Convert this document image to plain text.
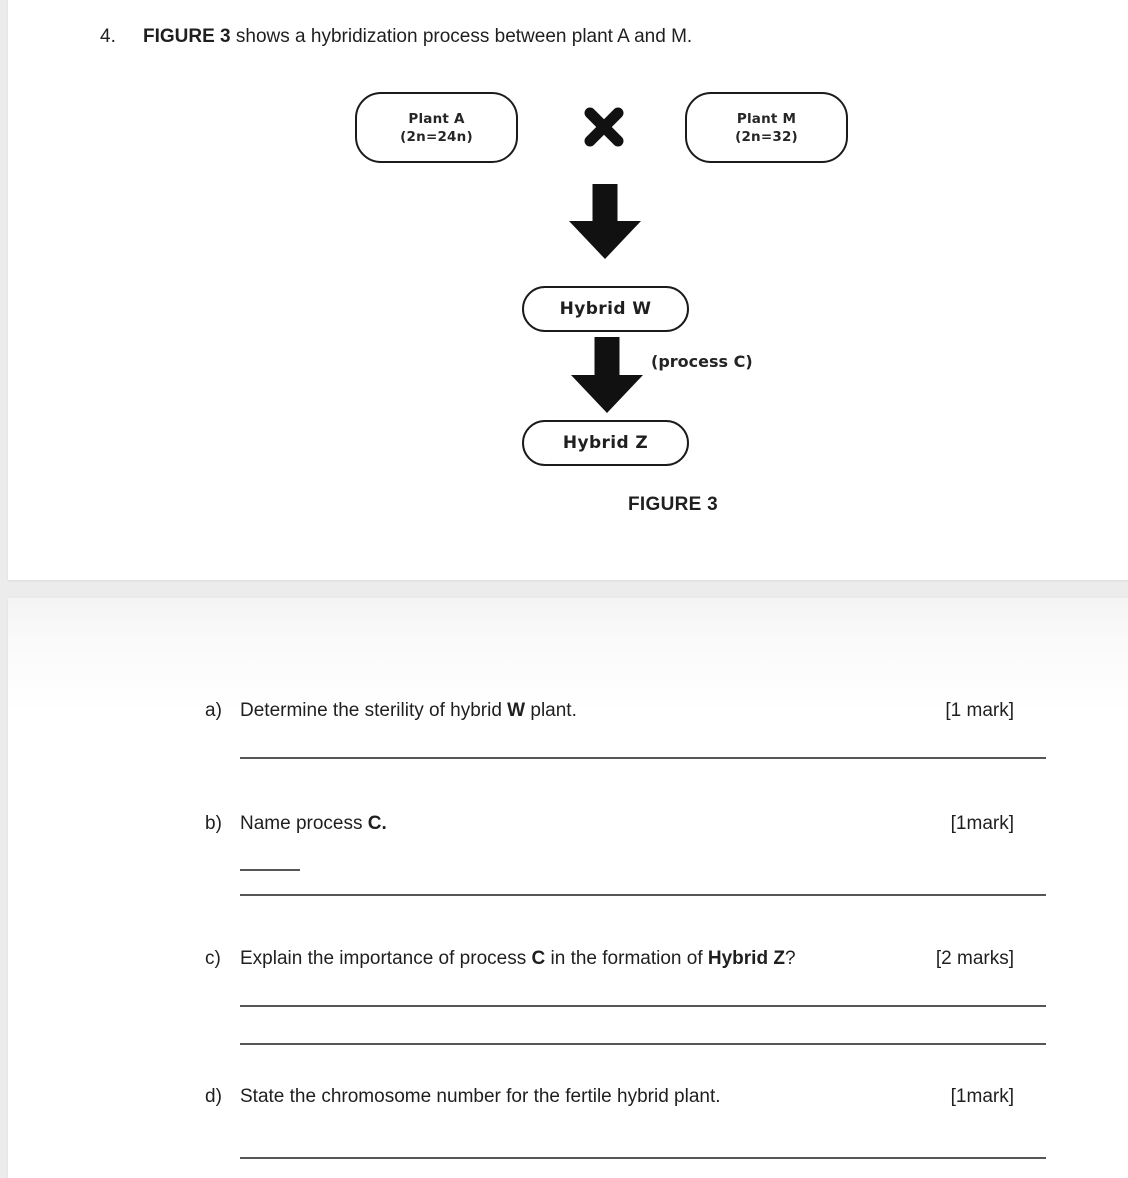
4. FIGURE 3 shows a hybridization process between plant A and M.
Plant A
(2n=24n)
Plant M
(2n=32)
Hybrid W
(process C)
Hybrid Z
FIGURE 3
a) Determine the sterility of hybrid W plant.	[1 mark]
b) Name process C.	[1mark]
c) Explain the importance of process C in the formation of Hybrid Z?	[2 marks]
d) State the chromosome number for the fertile hybrid plant.	[1mark]
